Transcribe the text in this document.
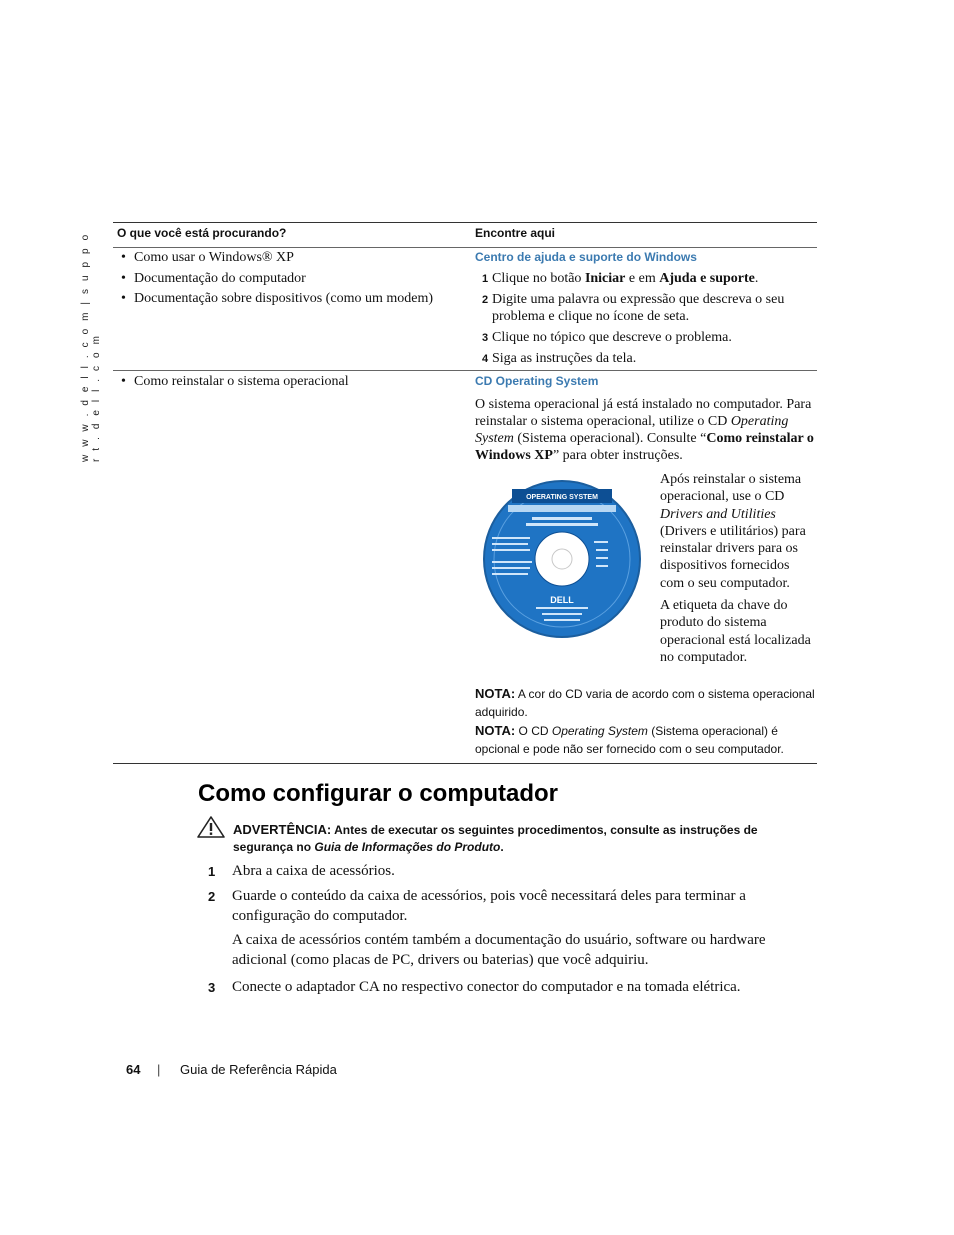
w w w . d e l l . c o m | s u p p o r t . d e l l . c o m
O que você está procurando?	Encontre aqui
• Como usar o Windows® XP
• Documentação do computador
• Documentação sobre dispositivos (como um modem)
Centro de ajuda e suporte do Windows
1 Clique no botão Iniciar e em Ajuda e suporte.
2 Digite uma palavra ou expressão que descreva o seu problema e clique no ícone de seta.
3 Clique no tópico que descreve o problema.
4 Siga as instruções da tela.
• Como reinstalar o sistema operacional	CD Operating System
O sistema operacional já está instalado no computador. Para reinstalar o sistema operacional, utilize o CD Operating System (Sistema operacional). Consulte “Como reinstalar o Windows XP” para obter instruções.
OPERATING SYSTEM
DELL
Após reinstalar o sistema operacional, use o CD Drivers and Utilities (Drivers e utilitários) para reinstalar drivers para os dispositivos fornecidos com o seu computador.
A etiqueta da chave do produto do sistema operacional está localizada no computador.
NOTA: A cor do CD varia de acordo com o sistema operacional adquirido.
NOTA: O CD Operating System (Sistema operacional) é opcional e pode não ser fornecido com o seu computador.
Como configurar o computador
ADVERTÊNCIA: Antes de executar os seguintes procedimentos, consulte as instruções de segurança no Guia de Informações do Produto.
1 Abra a caixa de acessórios.
2 Guarde o conteúdo da caixa de acessórios, pois você necessitará deles para terminar a configuração do computador.
A caixa de acessórios contém também a documentação do usuário, software ou hardware adicional (como placas de PC, drivers ou baterias) que você adquiriu.
3 Conecte o adaptador CA no respectivo conector do computador e na tomada elétrica.
64 | Guia de Referência Rápida
